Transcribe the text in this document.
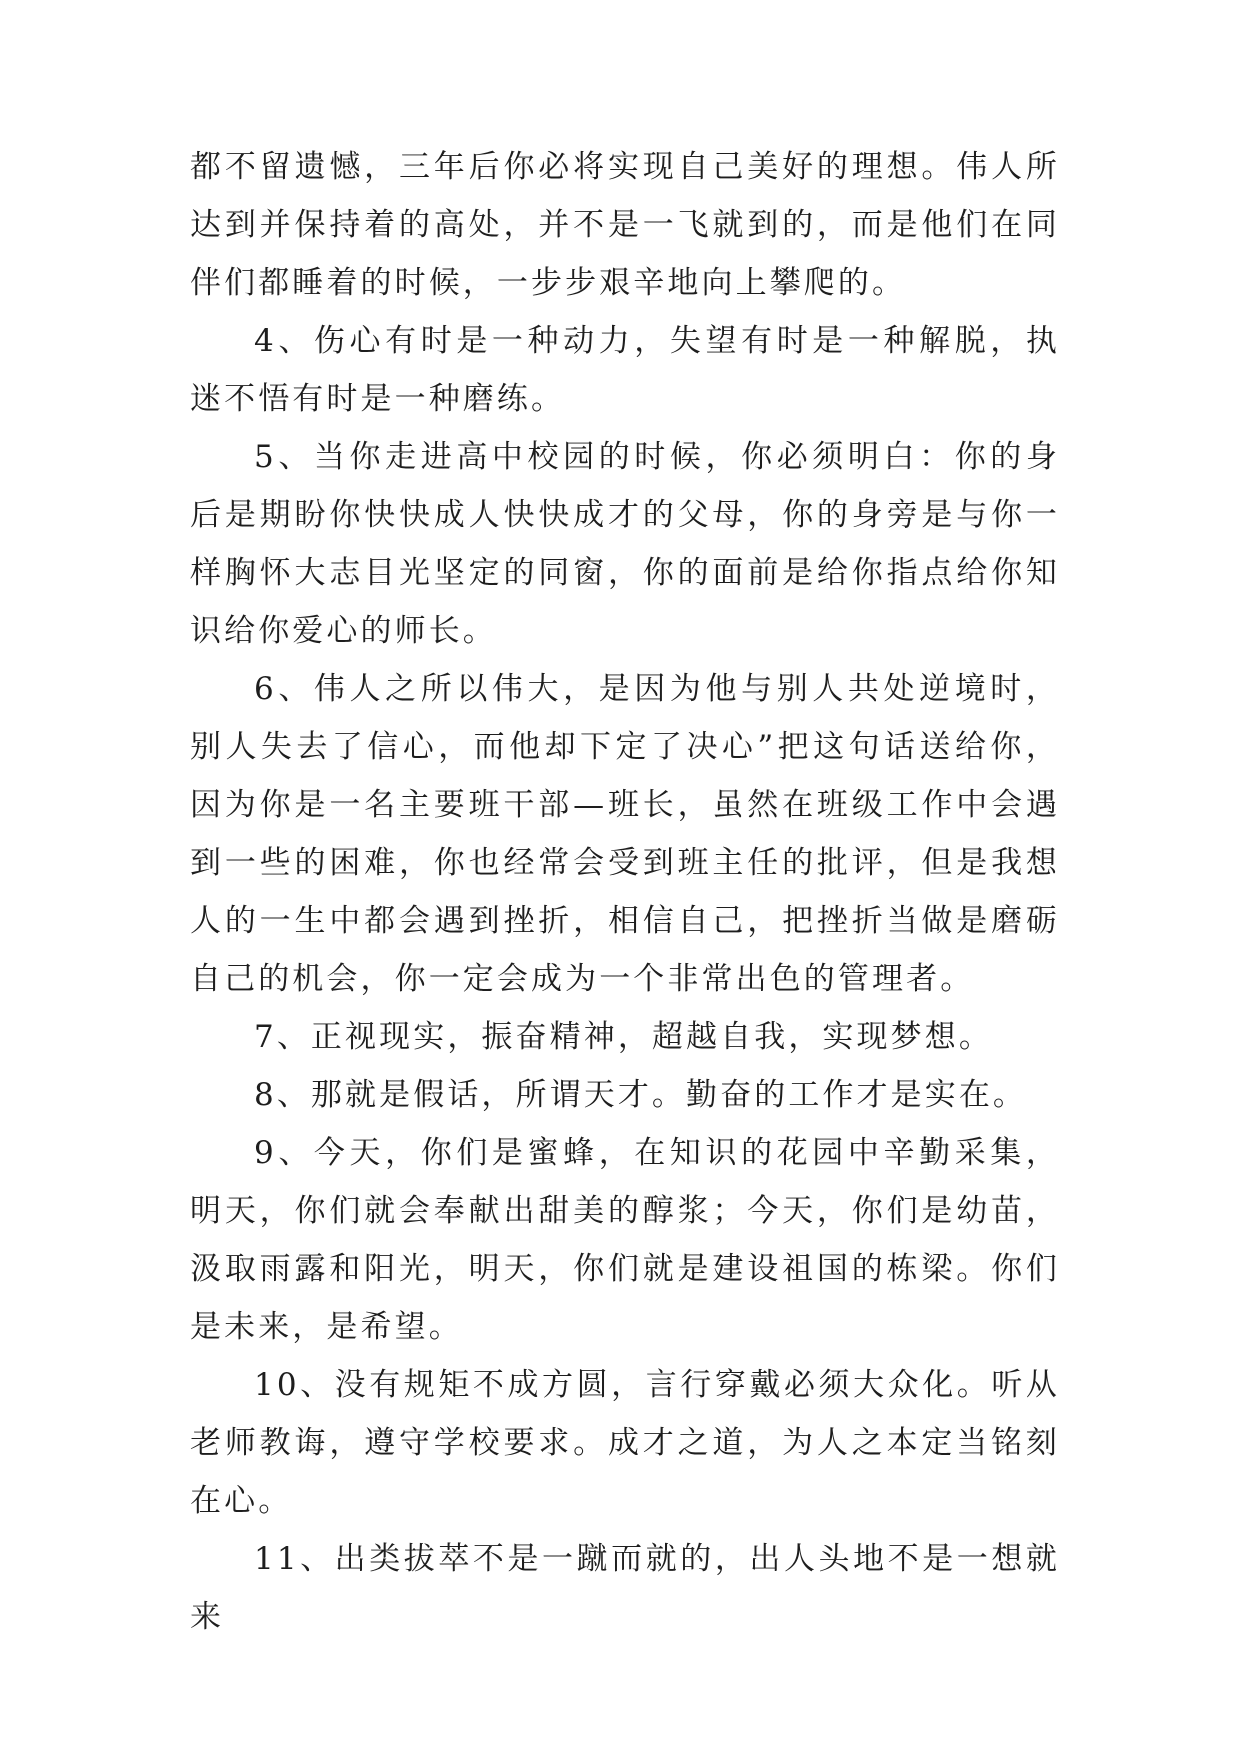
都不留遗憾，三年后你必将实现自己美好的理想。伟人所达到并保持着的高处，并不是一飞就到的，而是他们在同伴们都睡着的时候，一步步艰辛地向上攀爬的。

4、伤心有时是一种动力，失望有时是一种解脱，执迷不悟有时是一种磨练。

5、当你走进高中校园的时候，你必须明白：你的身后是期盼你快快成人快快成才的父母，你的身旁是与你一样胸怀大志目光坚定的同窗，你的面前是给你指点给你知识给你爱心的师长。

6、伟人之所以伟大，是因为他与别人共处逆境时，别人失去了信心，而他却下定了决心”把这句话送给你，因为你是一名主要班干部—班长，虽然在班级工作中会遇到一些的困难，你也经常会受到班主任的批评，但是我想人的一生中都会遇到挫折，相信自己，把挫折当做是磨砺自己的机会，你一定会成为一个非常出色的管理者。

7、正视现实，振奋精神，超越自我，实现梦想。

8、那就是假话，所谓天才。勤奋的工作才是实在。

9、今天，你们是蜜蜂，在知识的花园中辛勤采集，明天，你们就会奉献出甜美的醇浆；今天，你们是幼苗，汲取雨露和阳光，明天，你们就是建设祖国的栋梁。你们是未来，是希望。

10、没有规矩不成方圆，言行穿戴必须大众化。听从老师教诲，遵守学校要求。成才之道，为人之本定当铭刻在心。

11、出类拔萃不是一蹴而就的，出人头地不是一想就来
